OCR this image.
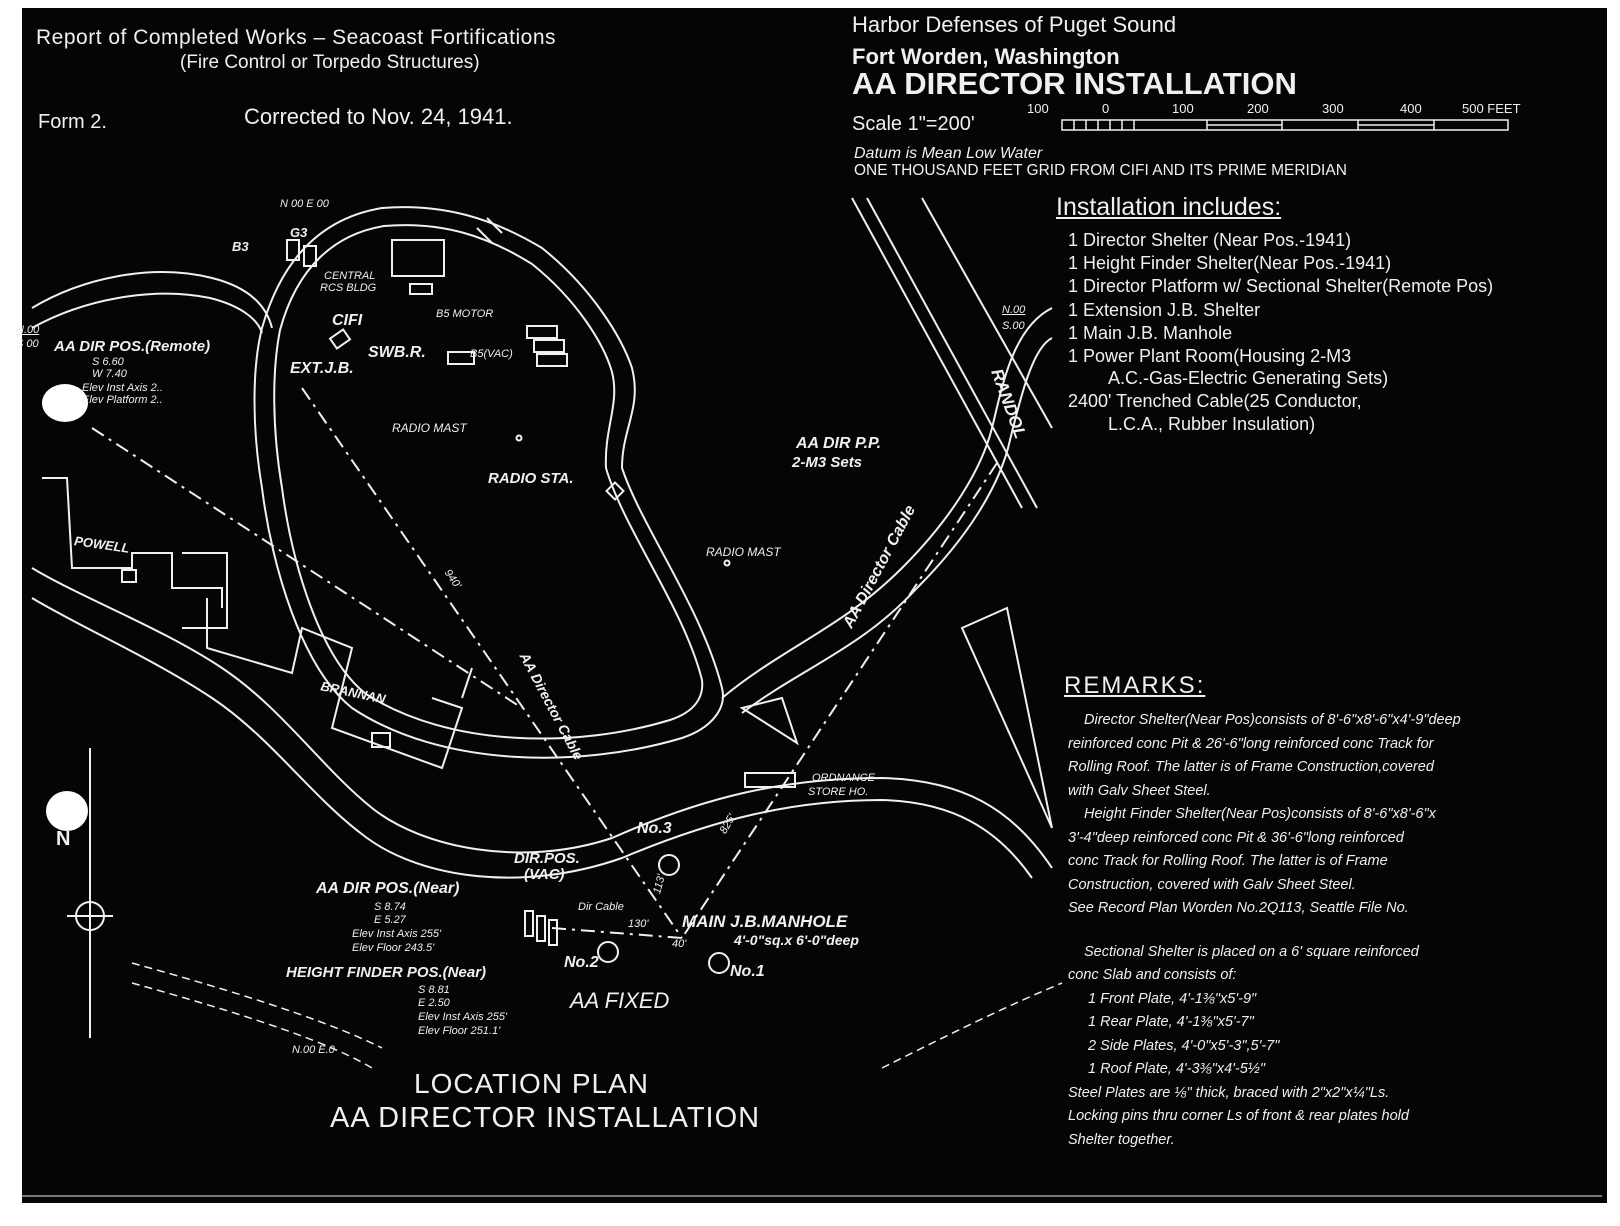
Report of Completed Works – Seacoast Fortifications
(Fire Control or Torpedo Structures)
Form 2.	Corrected to Nov. 24, 1941.
Harbor Defenses of Puget Sound
Fort Worden, Washington
AA DIRECTOR INSTALLATION
Scale 1"=200'
100	0	100	200	300	400	500 FEET
Datum is Mean Low Water
ONE THOUSAND FEET GRID FROM CIFI AND ITS PRIME MERIDIAN
Installation includes:
1 Director Shelter (Near Pos.-1941)
1 Height Finder Shelter(Near Pos.-1941)
1 Director Platform w/ Sectional Shelter(Remote Pos)
1 Extension J.B. Shelter
1 Main J.B. Manhole
1 Power Plant Room(Housing 2-M3
A.C.-Gas-Electric Generating Sets)
2400' Trenched Cable(25 Conductor,
L.C.A., Rubber Insulation)
REMARKS:
Director Shelter(Near Pos)consists of 8'-6"x8'-6"x4'-9"deep
reinforced conc Pit & 26'-6"long reinforced conc Track for
Rolling Roof. The latter is of Frame Construction,covered
with Galv Sheet Steel.
Height Finder Shelter(Near Pos)consists of 8'-6"x8'-6"x
3'-4"deep reinforced conc Pit & 36'-6"long reinforced
conc Track for Rolling Roof. The latter is of Frame
Construction, covered with Galv Sheet Steel.
See Record Plan Worden No.2Q113, Seattle File No.
Sectional Shelter is placed on a 6' square reinforced
conc Slab and consists of:
1 Front Plate, 4'-1⅜"x5'-9"
1 Rear Plate, 4'-1⅜"x5'-7"
2 Side Plates, 4'-0"x5'-3",5'-7"
1 Roof Plate, 4'-3⅜"x4'-5½"
Steel Plates are ⅛" thick, braced with 2"x2"x¼"Ls.
Locking pins thru corner Ls of front & rear plates hold
Shelter together.
N 00 E 00
G3
B3
CENTRAL
RCS BLDG
CIFI	B5 MOTOR
SWB.R.	B5(VAC)
EXT.J.B.
N.00
S 00 AA DIR POS.(Remote)
S 6.60
W 7.40
Elev Inst Axis 2..
Elev Platform 2..
RADIO MAST
RADIO STA.
RADIO MAST
POWELL
BRANNAN
940'
AA Director Cable
AA Director Cable
N.00
S.00
RANDOL
AA DIR P.P.
2-M3 Sets
ORDNANCE
STORE HO.
No.3	825'
DIR.POS.
(VAC)
AA DIR POS.(Near)
S 8.74
E 5.27
Elev Inst Axis 255'
Elev Floor 243.5'
Dir Cable
130' MAIN J.B.MANHOLE
4'-0"sq.x 6'-0"deep
No.2
No.1
40'
113'
HEIGHT FINDER POS.(Near)
S 8.81
E 2.50
Elev Inst Axis 255'
Elev Floor 251.1'
AA FIXED
N.00 E.0
N
LOCATION PLAN
AA DIRECTOR INSTALLATION
